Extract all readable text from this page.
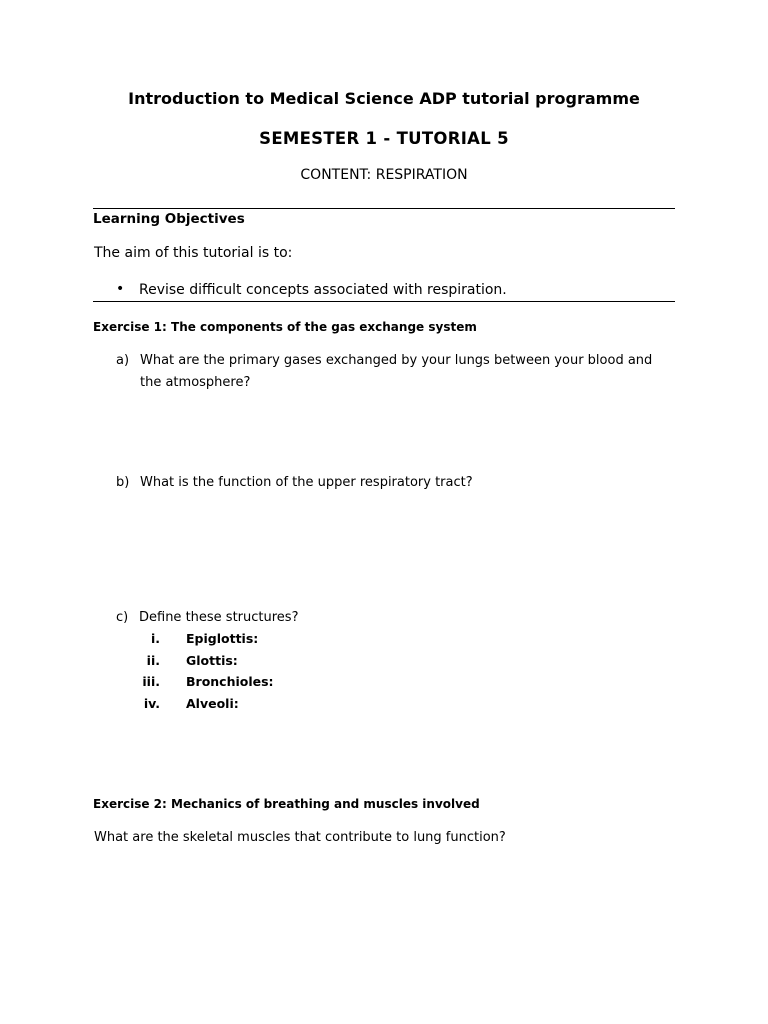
Introduction to Medical Science ADP tutorial programme
SEMESTER 1 - TUTORIAL 5
CONTENT: RESPIRATION
Learning Objectives
The aim of this tutorial is to:
• Revise difficult concepts associated with respiration.
Exercise 1: The components of the gas exchange system
a) What are the primary gases exchanged by your lungs between your blood and
the atmosphere?
b) What is the function of the upper respiratory tract?
c) Define these structures?
i. Epiglottis:
ii. Glottis:
iii. Bronchioles:
iv. Alveoli:
Exercise 2: Mechanics of breathing and muscles involved
What are the skeletal muscles that contribute to lung function?
